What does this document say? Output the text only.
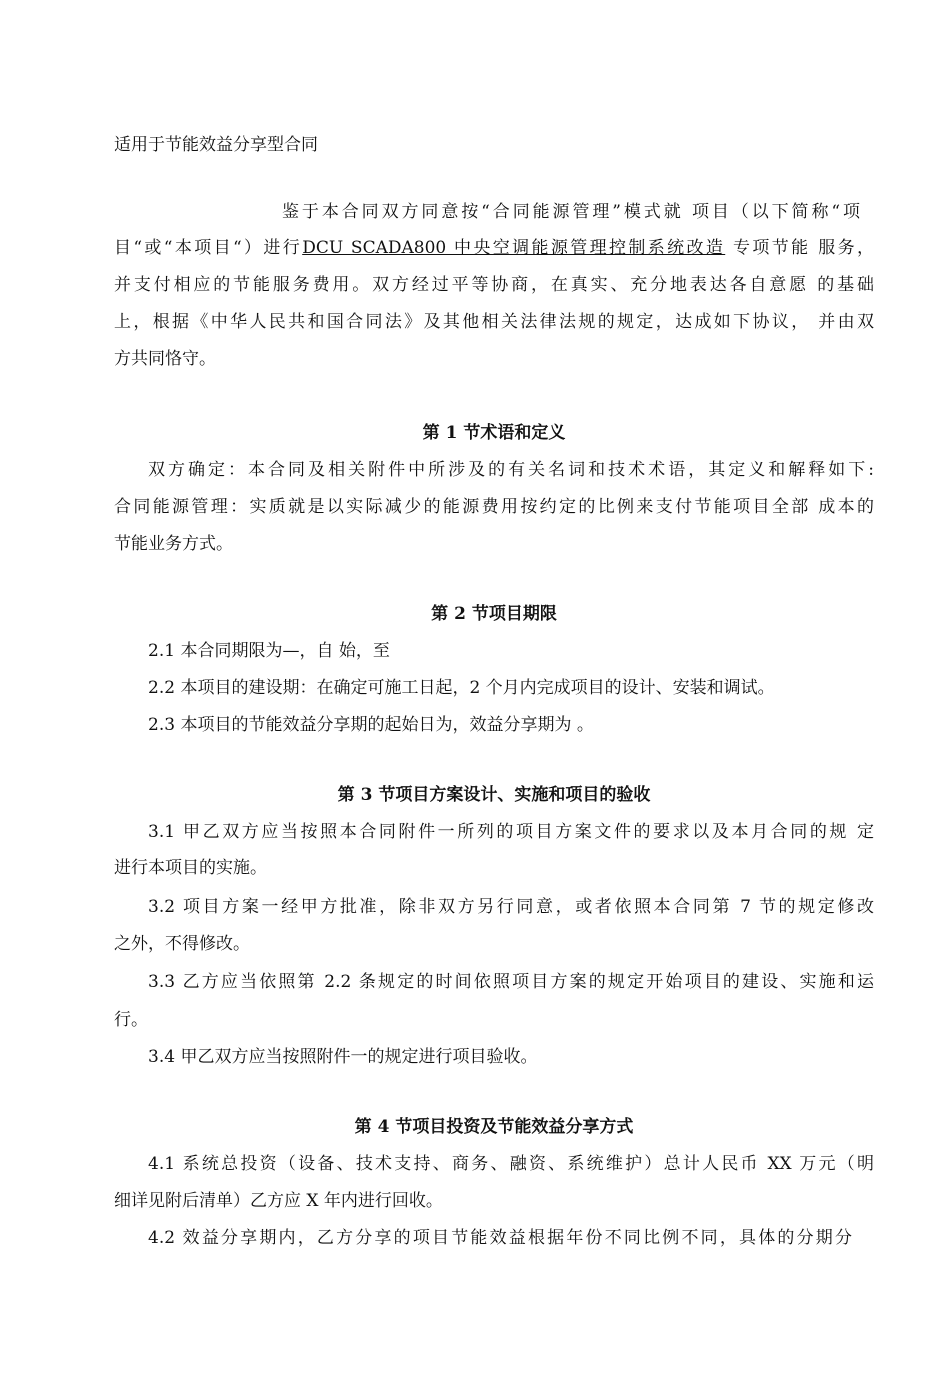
适用于节能效益分享型合同
鉴于本合同双方同意按“合同能源管理”模式就 项目（以下简称“项
目“或“本项目“）进行DCU SCADA800 中央空调能源管理控制系统改造 专项节能 服务，
并支付相应的节能服务费用。双方经过平等协商，在真实、充分地表达各自意愿 的基础
上，根据《中华人民共和国合同法》及其他相关法律法规的规定，达成如下协议， 并由双
方共同恪守。
第 1 节术语和定义
双方确定：本合同及相关附件中所涉及的有关名词和技术术语，其定义和解释如下:
合同能源管理：实质就是以实际减少的能源费用按约定的比例来支付节能项目全部 成本的
节能业务方式。
第 2 节项目期限
2.1 本合同期限为—，自 始，至
2.2 本项目的建设期：在确定可施工日起，2 个月内完成项目的设计、安装和调试。
2.3 本项目的节能效益分享期的起始日为，效益分享期为 。
第 3 节项目方案设计、实施和项目的验收
3.1 甲乙双方应当按照本合同附件一所列的项目方案文件的要求以及本月合同的规 定
进行本项目的实施。
3.2 项目方案一经甲方批准，除非双方另行同意，或者依照本合同第 7 节的规定修改
之外，不得修改。
3.3 乙方应当依照第 2.2 条规定的时间依照项目方案的规定开始项目的建设、实施和运
行。
3.4 甲乙双方应当按照附件一的规定进行项目验收。
第 4 节项目投资及节能效益分享方式
4.1 系统总投资（设备、技术支持、商务、融资、系统维护）总计人民币 XX 万元（明
细详见附后清单）乙方应 X 年内进行回收。
4.2 效益分享期内，乙方分享的项目节能效益根据年份不同比例不同，具体的分期分
